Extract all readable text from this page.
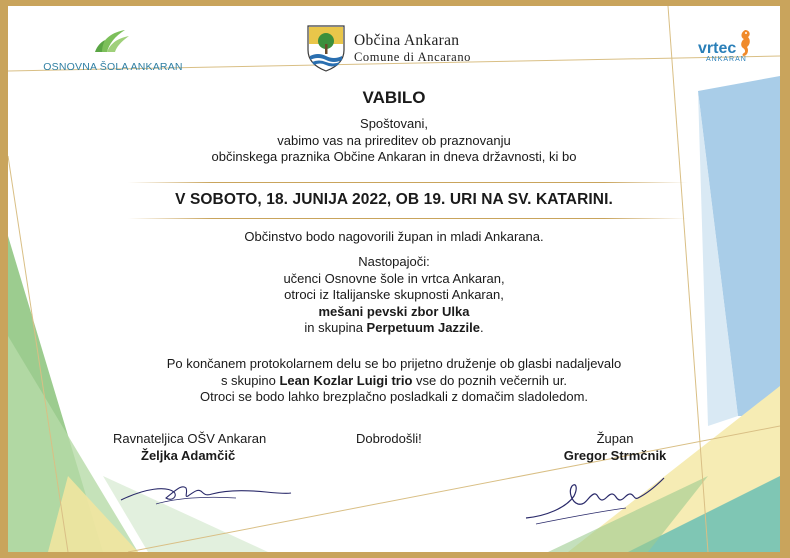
OSNOVNA ŠOLA ANKARAN
Občina Ankaran
Comune di Ancarano	vrtec
ANKARAN
VABILO
Spoštovani,
vabimo vas na prireditev ob praznovanju
občinskega praznika Občine Ankaran in dneva državnosti, ki bo
V SOBOTO, 18. JUNIJA 2022, OB 19. URI NA SV. KATARINI.
Občinstvo bodo nagovorili župan in mladi Ankarana.
Nastopajoči:
učenci Osnovne šole in vrtca Ankaran,
otroci iz Italijanske skupnosti Ankaran,
mešani pevski zbor Ulka
in skupina Perpetuum Jazzile.
Po končanem protokolarnem delu se bo prijetno druženje ob glasbi nadaljevalo
s skupino Lean Kozlar Luigi trio vse do poznih večernih ur.
Otroci se bodo lahko brezplačno posladkali z domačim sladoledom.
Ravnateljica OŠV Ankaran
Željka Adamčič
Dobrodošli!	Župan
Gregor Strmčnik
